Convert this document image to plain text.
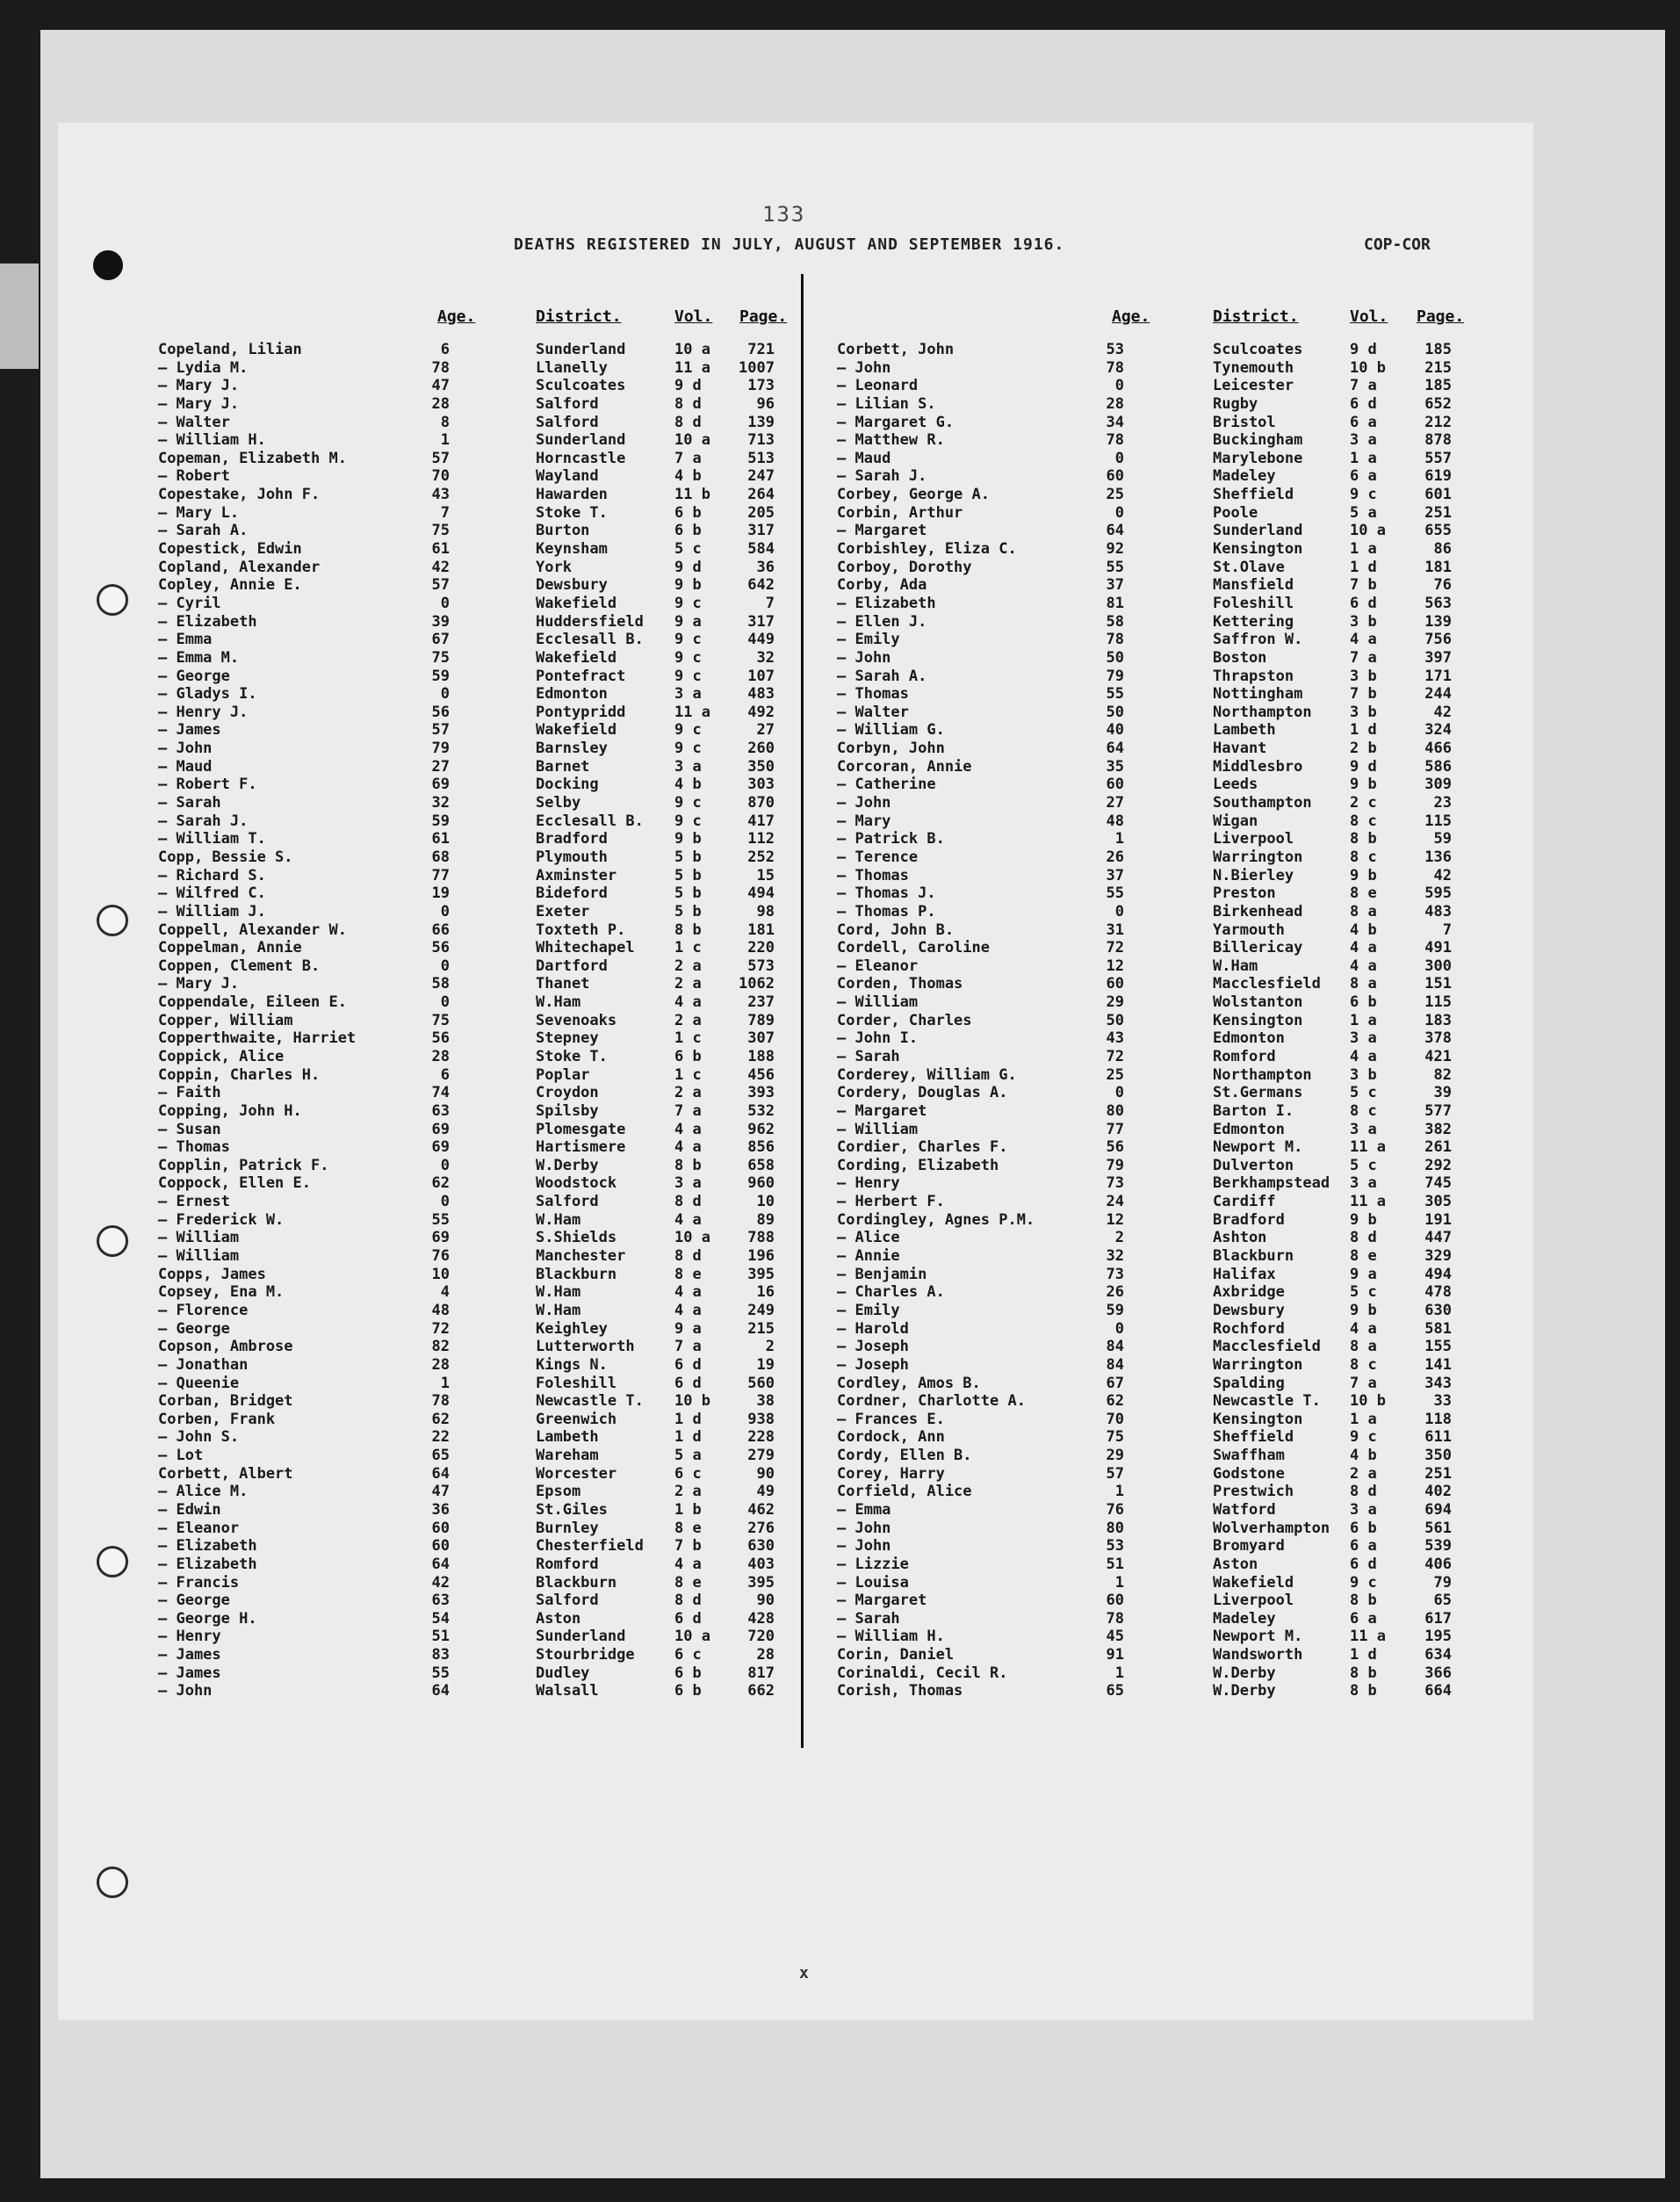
133
DEATHS REGISTERED IN JULY, AUGUST AND SEPTEMBER 1916.	COP-COR
Age.	District.	Vol. Page.
Copeland, Lilian	6	Sunderland	10 a	721
— Lydia M.	78	Llanelly	11 a	1007
— Mary J.	47	Sculcoates	9 d	173
— Mary J.	28	Salford	8 d	96
— Walter	8	Salford	8 d	139
— William H.	1	Sunderland	10 a	713
Copeman, Elizabeth M.	57	Horncastle	7 a	513
— Robert	70	Wayland	4 b	247
Copestake, John F.	43	Hawarden	11 b	264
— Mary L.	7	Stoke T.	6 b	205
— Sarah A.	75	Burton	6 b	317
Copestick, Edwin	61	Keynsham	5 c	584
Copland, Alexander	42	York	9 d	36
Copley, Annie E.	57	Dewsbury	9 b	642
— Cyril	0	Wakefield	9 c	7
— Elizabeth	39	Huddersfield 9 a	317
— Emma	67	Ecclesall B. 9 c	449
— Emma M.	75	Wakefield	9 c	32
— George	59	Pontefract	9 c	107
— Gladys I.	0	Edmonton	3 a	483
— Henry J.	56	Pontypridd	11 a	492
— James	57	Wakefield	9 c	27
— John	79	Barnsley	9 c	260
— Maud	27	Barnet	3 a	350
— Robert F.	69	Docking	4 b	303
— Sarah	32	Selby	9 c	870
— Sarah J.	59	Ecclesall B. 9 c	417
— William T.	61	Bradford	9 b	112
Copp, Bessie S.	68	Plymouth	5 b	252
— Richard S.	77	Axminster	5 b	15
— Wilfred C.	19	Bideford	5 b	494
— William J.	0	Exeter	5 b	98
Coppell, Alexander W.	66	Toxteth P.	8 b	181
Coppelman, Annie	56	Whitechapel	1 c	220
Coppen, Clement B.	0	Dartford	2 a	573
— Mary J.	58	Thanet	2 a	1062
Coppendale, Eileen E.	0	W.Ham	4 a	237
Copper, William	75	Sevenoaks	2 a	789
Copperthwaite, Harriet	56	Stepney	1 c	307
Coppick, Alice	28	Stoke T.	6 b	188
Coppin, Charles H.	6	Poplar	1 c	456
— Faith	74	Croydon	2 a	393
Copping, John H.	63	Spilsby	7 a	532
— Susan	69	Plomesgate	4 a	962
— Thomas	69	Hartismere	4 a	856
Copplin, Patrick F.	0	W.Derby	8 b	658
Coppock, Ellen E.	62	Woodstock	3 a	960
— Ernest	0	Salford	8 d	10
— Frederick W.	55	W.Ham	4 a	89
— William	69	S.Shields	10 a	788
— William	76	Manchester	8 d	196
Copps, James	10	Blackburn	8 e	395
Copsey, Ena M.	4	W.Ham	4 a	16
— Florence	48	W.Ham	4 a	249
— George	72	Keighley	9 a	215
Copson, Ambrose	82	Lutterworth	7 a	2
— Jonathan	28	Kings N.	6 d	19
— Queenie	1	Foleshill	6 d	560
Corban, Bridget	78	Newcastle T. 10 b	38
Corben, Frank	62	Greenwich	1 d	938
— John S.	22	Lambeth	1 d	228
— Lot	65	Wareham	5 a	279
Corbett, Albert	64	Worcester	6 c	90
— Alice M.	47	Epsom	2 a	49
— Edwin	36	St.Giles	1 b	462
— Eleanor	60	Burnley	8 e	276
— Elizabeth	60	Chesterfield 7 b	630
— Elizabeth	64	Romford	4 a	403
— Francis	42	Blackburn	8 e	395
— George	63	Salford	8 d	90
— George H.	54	Aston	6 d	428
— Henry	51	Sunderland	10 a	720
— James	83	Stourbridge	6 c	28
— James	55	Dudley	6 b	817
— John	64	Walsall	6 b	662
Age.	District.	Vol. Page.
Corbett, John	53	Sculcoates	9 d	185
— John	78	Tynemouth	10 b	215
— Leonard	0	Leicester	7 a	185
— Lilian S.	28	Rugby	6 d	652
— Margaret G.	34	Bristol	6 a	212
— Matthew R.	78	Buckingham	3 a	878
— Maud	0	Marylebone	1 a	557
— Sarah J.	60	Madeley	6 a	619
Corbey, George A.	25	Sheffield	9 c	601
Corbin, Arthur	0	Poole	5 a	251
— Margaret	64	Sunderland	10 a	655
Corbishley, Eliza C.	92	Kensington	1 a	86
Corboy, Dorothy	55	St.Olave	1 d	181
Corby, Ada	37	Mansfield	7 b	76
— Elizabeth	81	Foleshill	6 d	563
— Ellen J.	58	Kettering	3 b	139
— Emily	78	Saffron W.	4 a	756
— John	50	Boston	7 a	397
— Sarah A.	79	Thrapston	3 b	171
— Thomas	55	Nottingham	7 b	244
— Walter	50	Northampton	3 b	42
— William G.	40	Lambeth	1 d	324
Corbyn, John	64	Havant	2 b	466
Corcoran, Annie	35	Middlesbro	9 d	586
— Catherine	60	Leeds	9 b	309
— John	27	Southampton	2 c	23
— Mary	48	Wigan	8 c	115
— Patrick B.	1	Liverpool	8 b	59
— Terence	26	Warrington	8 c	136
— Thomas	37	N.Bierley	9 b	42
— Thomas J.	55	Preston	8 e	595
— Thomas P.	0	Birkenhead	8 a	483
Cord, John B.	31	Yarmouth	4 b	7
Cordell, Caroline	72	Billericay	4 a	491
— Eleanor	12	W.Ham	4 a	300
Corden, Thomas	60	Macclesfield 8 a	151
— William	29	Wolstanton	6 b	115
Corder, Charles	50	Kensington	1 a	183
— John I.	43	Edmonton	3 a	378
— Sarah	72	Romford	4 a	421
Corderey, William G.	25	Northampton	3 b	82
Cordery, Douglas A.	0	St.Germans	5 c	39
— Margaret	80	Barton I.	8 c	577
— William	77	Edmonton	3 a	382
Cordier, Charles F.	56	Newport M.	11 a	261
Cording, Elizabeth	79	Dulverton	5 c	292
— Henry	73	Berkhampstead 3 a	745
— Herbert F.	24	Cardiff	11 a	305
Cordingley, Agnes P.M.	12	Bradford	9 b	191
— Alice	2	Ashton	8 d	447
— Annie	32	Blackburn	8 e	329
— Benjamin	73	Halifax	9 a	494
— Charles A.	26	Axbridge	5 c	478
— Emily	59	Dewsbury	9 b	630
— Harold	0	Rochford	4 a	581
— Joseph	84	Macclesfield 8 a	155
— Joseph	84	Warrington	8 c	141
Cordley, Amos B.	67	Spalding	7 a	343
Cordner, Charlotte A.	62	Newcastle T. 10 b	33
— Frances E.	70	Kensington	1 a	118
Cordock, Ann	75	Sheffield	9 c	611
Cordy, Ellen B.	29	Swaffham	4 b	350
Corey, Harry	57	Godstone	2 a	251
Corfield, Alice	1	Prestwich	8 d	402
— Emma	76	Watford	3 a	694
— John	80	Wolverhampton 6 b	561
— John	53	Bromyard	6 a	539
— Lizzie	51	Aston	6 d	406
— Louisa	1	Wakefield	9 c	79
— Margaret	60	Liverpool	8 b	65
— Sarah	78	Madeley	6 a	617
— William H.	45	Newport M.	11 a	195
Corin, Daniel	91	Wandsworth	1 d	634
Corinaldi, Cecil R.	1	W.Derby	8 b	366
Corish, Thomas	65	W.Derby	8 b	664
x
